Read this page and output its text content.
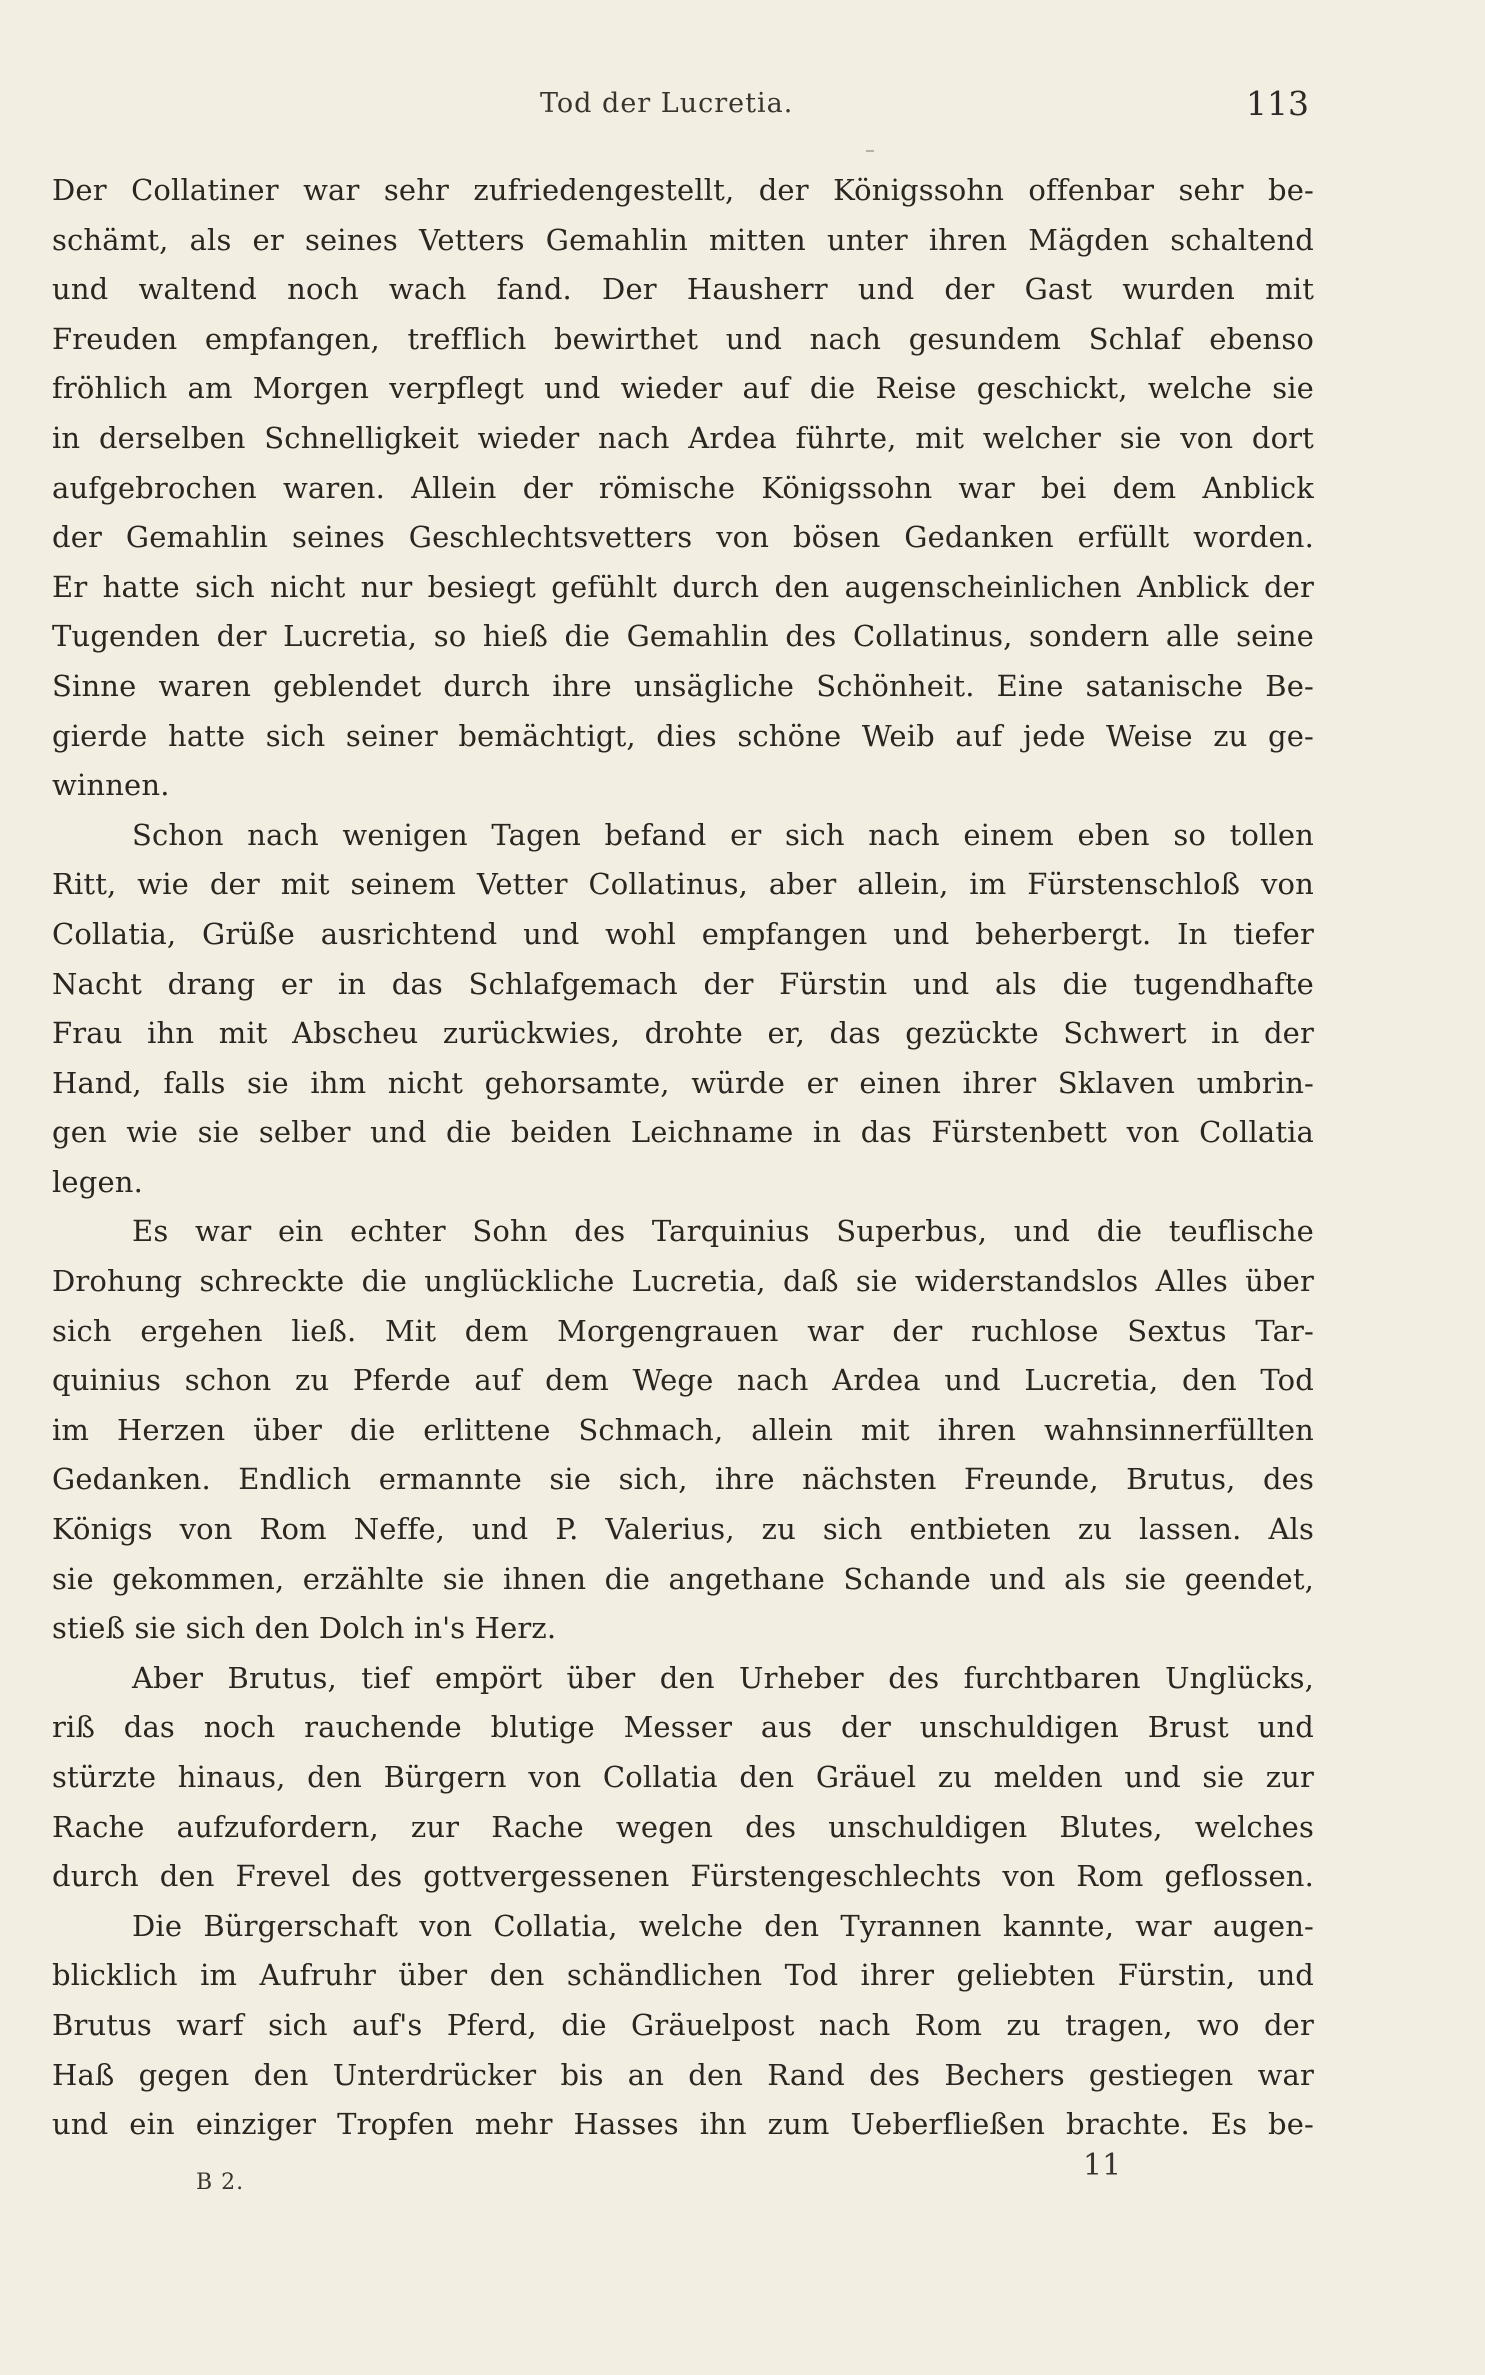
Tod der Lucretia.	113
Der Collatiner war sehr zufriedengestellt, der Königssohn offenbar sehr be-
schämt, als er seines Vetters Gemahlin mitten unter ihren Mägden schaltend
und waltend noch wach fand. Der Hausherr und der Gast wurden mit
Freuden empfangen, trefflich bewirthet und nach gesundem Schlaf ebenso
fröhlich am Morgen verpflegt und wieder auf die Reise geschickt, welche sie
in derselben Schnelligkeit wieder nach Ardea führte, mit welcher sie von dort
aufgebrochen waren. Allein der römische Königssohn war bei dem Anblick
der Gemahlin seines Geschlechtsvetters von bösen Gedanken erfüllt worden.
Er hatte sich nicht nur besiegt gefühlt durch den augenscheinlichen Anblick der
Tugenden der Lucretia, so hieß die Gemahlin des Collatinus, sondern alle seine
Sinne waren geblendet durch ihre unsägliche Schönheit. Eine satanische Be-
gierde hatte sich seiner bemächtigt, dies schöne Weib auf jede Weise zu ge-
winnen.
Schon nach wenigen Tagen befand er sich nach einem eben so tollen
Ritt, wie der mit seinem Vetter Collatinus, aber allein, im Fürstenschloß von
Collatia, Grüße ausrichtend und wohl empfangen und beherbergt. In tiefer
Nacht drang er in das Schlafgemach der Fürstin und als die tugendhafte
Frau ihn mit Abscheu zurückwies, drohte er, das gezückte Schwert in der
Hand, falls sie ihm nicht gehorsamte, würde er einen ihrer Sklaven umbrin-
gen wie sie selber und die beiden Leichname in das Fürstenbett von Collatia
legen.
Es war ein echter Sohn des Tarquinius Superbus, und die teuflische
Drohung schreckte die unglückliche Lucretia, daß sie widerstandslos Alles über
sich ergehen ließ. Mit dem Morgengrauen war der ruchlose Sextus Tar-
quinius schon zu Pferde auf dem Wege nach Ardea und Lucretia, den Tod
im Herzen über die erlittene Schmach, allein mit ihren wahnsinnerfüllten
Gedanken. Endlich ermannte sie sich, ihre nächsten Freunde, Brutus, des
Königs von Rom Neffe, und P. Valerius, zu sich entbieten zu lassen. Als
sie gekommen, erzählte sie ihnen die angethane Schande und als sie geendet,
stieß sie sich den Dolch in's Herz.
Aber Brutus, tief empört über den Urheber des furchtbaren Unglücks,
riß das noch rauchende blutige Messer aus der unschuldigen Brust und
stürzte hinaus, den Bürgern von Collatia den Gräuel zu melden und sie zur
Rache aufzufordern, zur Rache wegen des unschuldigen Blutes, welches
durch den Frevel des gottvergessenen Fürstengeschlechts von Rom geflossen.
Die Bürgerschaft von Collatia, welche den Tyrannen kannte, war augen-
blicklich im Aufruhr über den schändlichen Tod ihrer geliebten Fürstin, und
Brutus warf sich auf's Pferd, die Gräuelpost nach Rom zu tragen, wo der
Haß gegen den Unterdrücker bis an den Rand des Bechers gestiegen war
und ein einziger Tropfen mehr Hasses ihn zum Ueberfließen brachte. Es be-
11
B 2.
